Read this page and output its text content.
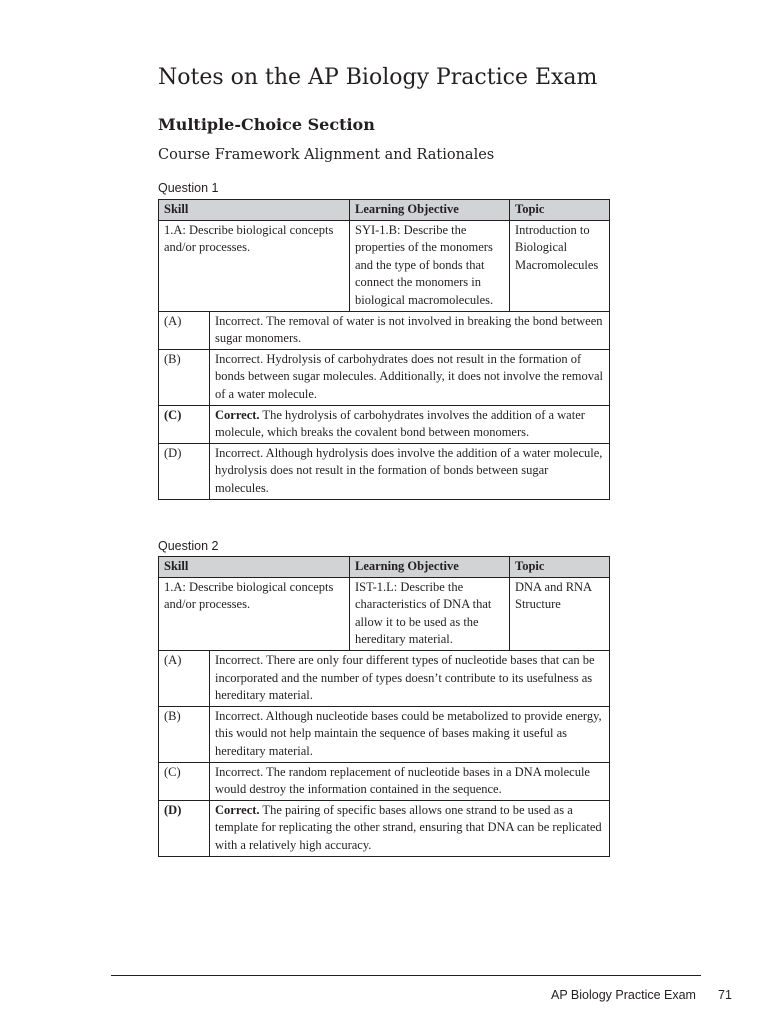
Notes on the AP Biology Practice Exam
Multiple-Choice Section
Course Framework Alignment and Rationales
Question 1
Skill	Learning Objective	Topic
1.A: Describe biological concepts and/or processes.	SYI-1.B: Describe the properties of the monomers and the type of bonds that connect the monomers in biological macromolecules.	Introduction to Biological Macromolecules
(A)	Incorrect. The removal of water is not involved in breaking the bond between sugar monomers.
(B)	Incorrect. Hydrolysis of carbohydrates does not result in the formation of bonds between sugar molecules. Additionally, it does not involve the removal of a water molecule.
(C)	Correct. The hydrolysis of carbohydrates involves the addition of a water molecule, which breaks the covalent bond between monomers.
(D)	Incorrect. Although hydrolysis does involve the addition of a water molecule, hydrolysis does not result in the formation of bonds between sugar molecules.
Question 2
Skill	Learning Objective	Topic
1.A: Describe biological concepts and/or processes.	IST-1.L: Describe the characteristics of DNA that allow it to be used as the hereditary material.	DNA and RNA Structure
(A)	Incorrect. There are only four different types of nucleotide bases that can be incorporated and the number of types doesn’t contribute to its usefulness as hereditary material.
(B)	Incorrect. Although nucleotide bases could be metabolized to provide energy, this would not help maintain the sequence of bases making it useful as hereditary material.
(C)	Incorrect. The random replacement of nucleotide bases in a DNA molecule would destroy the information contained in the sequence.
(D)	Correct. The pairing of specific bases allows one strand to be used as a template for replicating the other strand, ensuring that DNA can be replicated with a relatively high accuracy.
AP Biology Practice Exam 71
